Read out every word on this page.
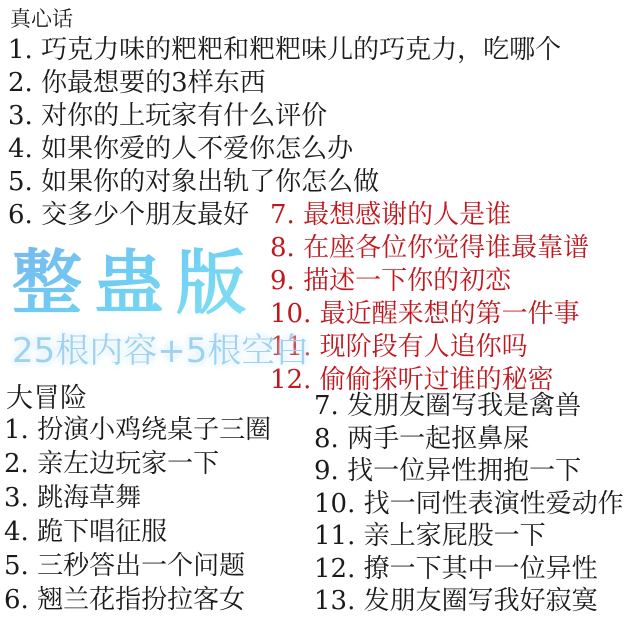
真心话
1. 巧克力味的粑粑和粑粑味儿的巧克力，吃哪个
2. 你最想要的3样东西
3. 对你的上玩家有什么评价
4. 如果你爱的人不爱你怎么办
5. 如果你的对象出轨了你怎么做
6. 交多少个朋友最好 7. 最想感谢的人是谁
8. 在座各位你觉得谁最靠谱
9. 描述一下你的初恋
10. 最近醒来想的第一件事
11. 现阶段有人追你吗
12. 偷偷探听过谁的秘密
整蛊版
25根内容+5根空白
大冒险
1. 扮演小鸡绕桌子三圈
2. 亲左边玩家一下
3. 跳海草舞
4. 跪下唱征服
5. 三秒答出一个问题
6. 翘兰花指扮拉客女
7. 发朋友圈写我是禽兽
8. 两手一起抠鼻屎
9. 找一位异性拥抱一下
10. 找一同性表演性爱动作
11. 亲上家屁股一下
12. 撩一下其中一位异性
13. 发朋友圈写我好寂寞
